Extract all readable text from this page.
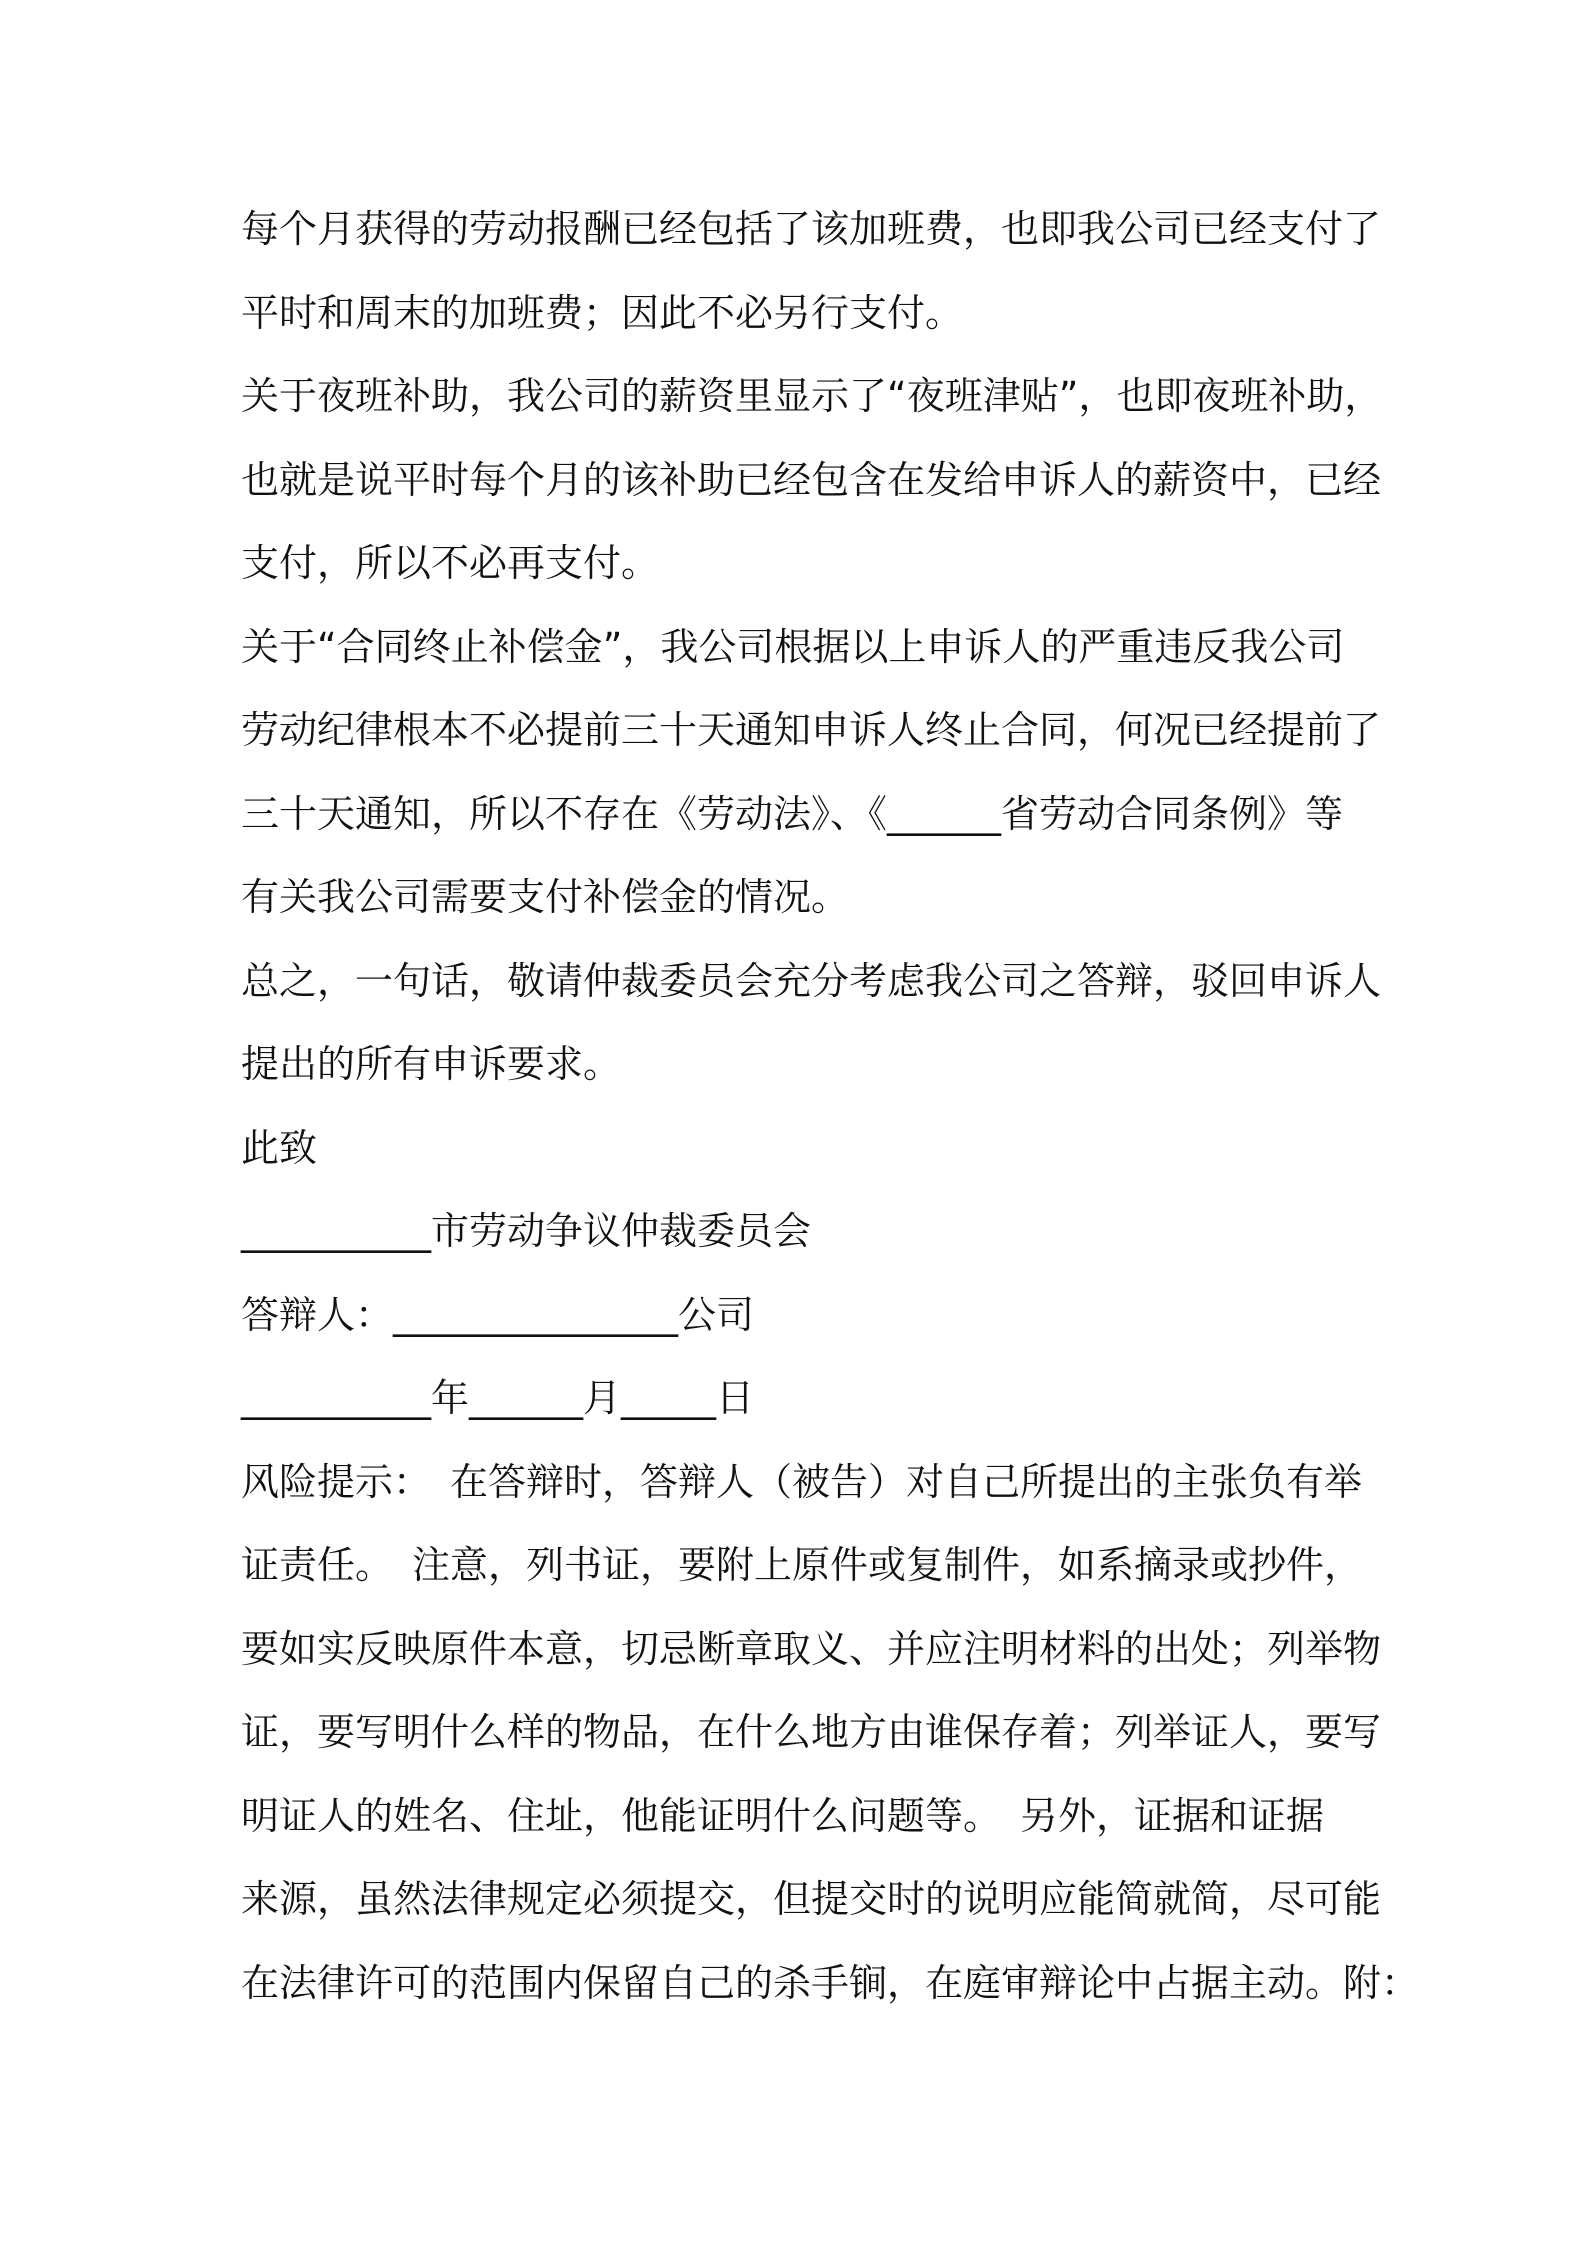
每个月获得的劳动报酬已经包括了该加班费，也即我公司已经支付了
平时和周末的加班费；因此不必另行支付。
关于夜班补助，我公司的薪资里显示了“夜班津贴”，也即夜班补助，
也就是说平时每个月的该补助已经包含在发给申诉人的薪资中，已经
支付，所以不必再支付。
关于“合同终止补偿金”，我公司根据以上申诉人的严重违反我公司
劳动纪律根本不必提前三十天通知申诉人终止合同，何况已经提前了
三十天通知，所以不存在《劳动法》、《______省劳动合同条例》等
有关我公司需要支付补偿金的情况。
总之，一句话，敬请仲裁委员会充分考虑我公司之答辩，驳回申诉人
提出的所有申诉要求。
此致
__________市劳动争议仲裁委员会
答辩人：_______________公司
__________年______月_____日
风险提示：　在答辩时，答辩人（被告）对自己所提出的主张负有举
证责任。　注意，列书证，要附上原件或复制件，如系摘录或抄件，
要如实反映原件本意，切忌断章取义、并应注明材料的出处；列举物
证，要写明什么样的物品，在什么地方由谁保存着；列举证人，要写
明证人的姓名、住址，他能证明什么问题等。　另外，证据和证据
来源，虽然法律规定必须提交，但提交时的说明应能简就简，尽可能
在法律许可的范围内保留自己的杀手锏，在庭审辩论中占据主动。附：
